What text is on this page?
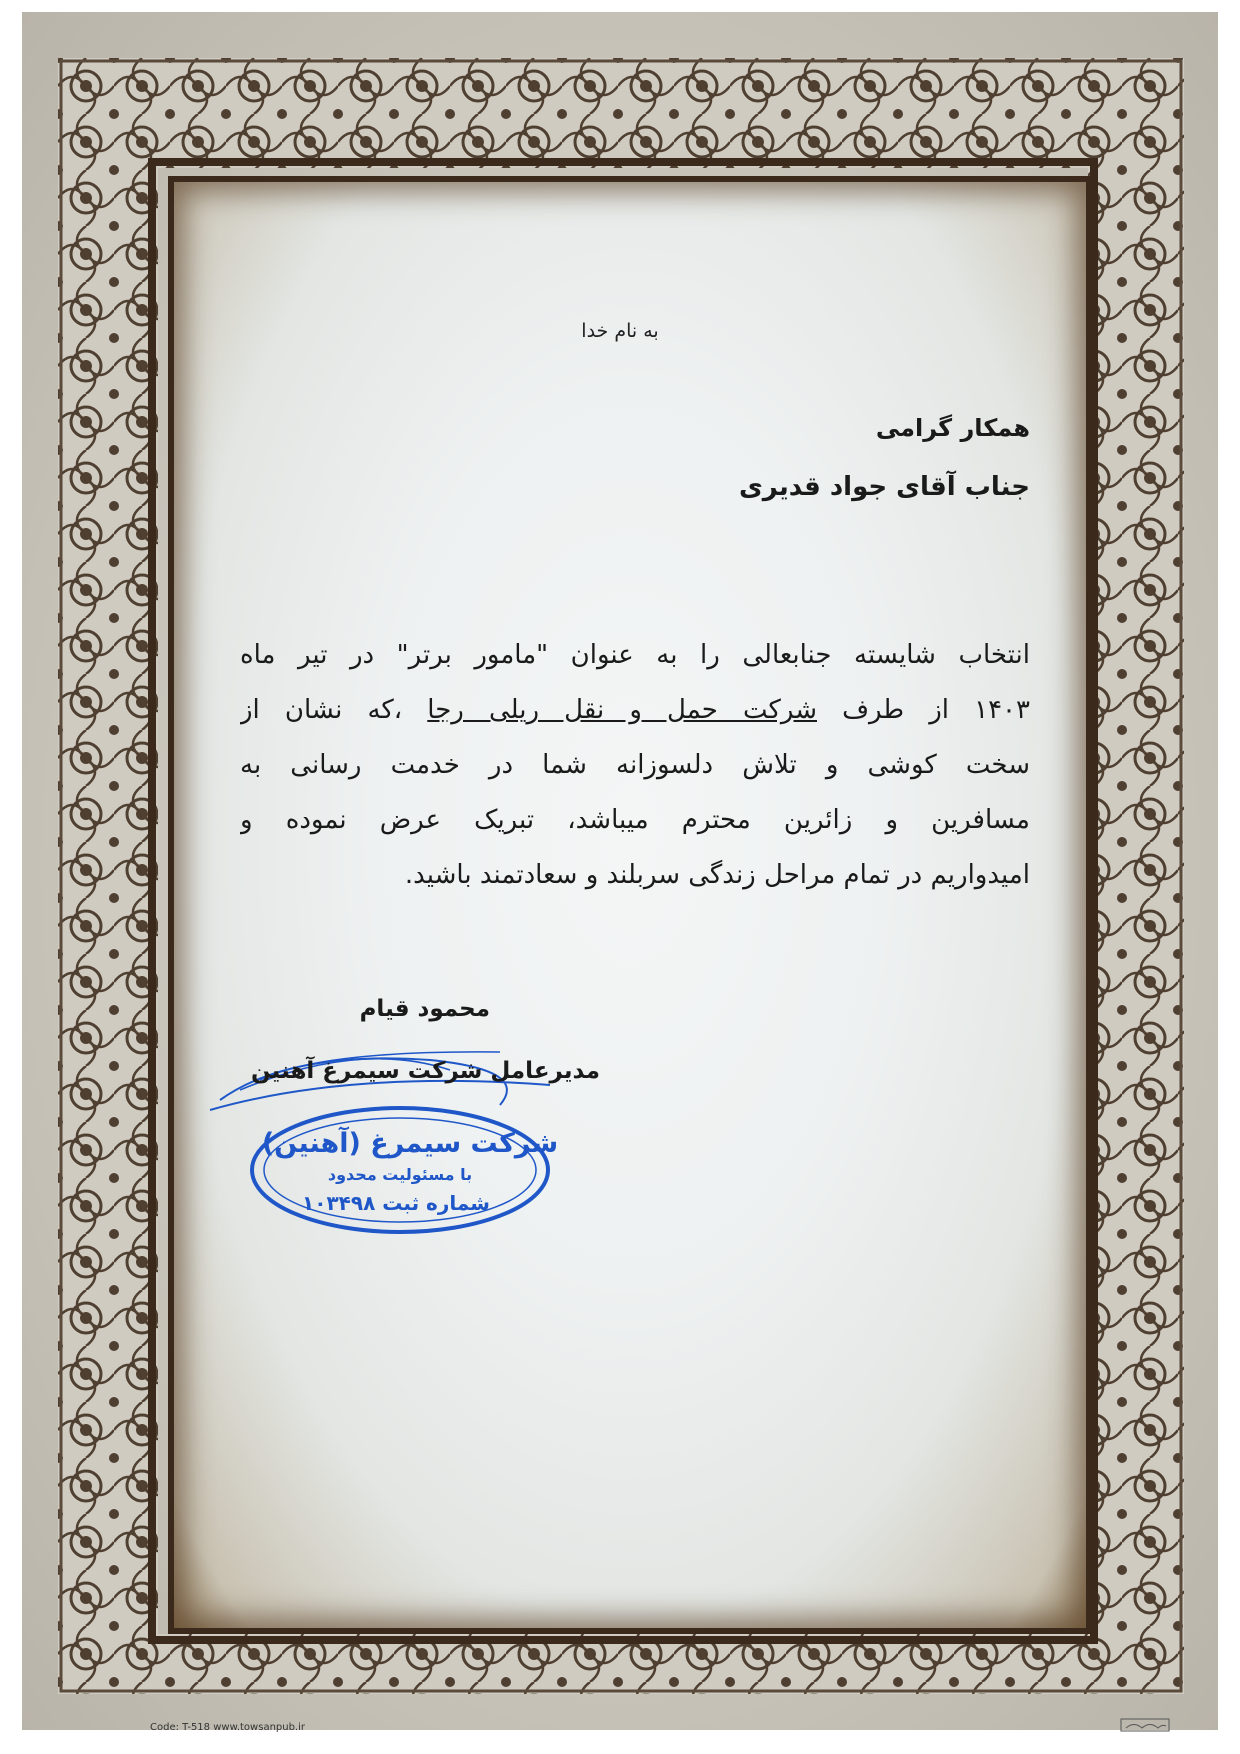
به نام خدا
همکار گرامی
جناب آقای جواد قدیری
انتخاب شایسته جنابعالی را به عنوان "مامور برتر" در تیر ماه
۱۴۰۳ از طرف شرکت حمل و نقل ریلی رجا ،که نشان از
سخت کوشی و تلاش دلسوزانه شما در خدمت رسانی به
مسافرین و زائرین محترم میباشد، تبریک عرض نموده و
امیدواریم در تمام مراحل زندگی سربلند و سعادتمند باشید.
محمود قیام
شرکت سیمرغ (آهنین)
با مسئولیت محدود
شماره ثبت ۱۰۳۴۹۸
مدیرعامل شرکت سیمرغ آهنین
Code: T-518 www.towsanpub.ir
